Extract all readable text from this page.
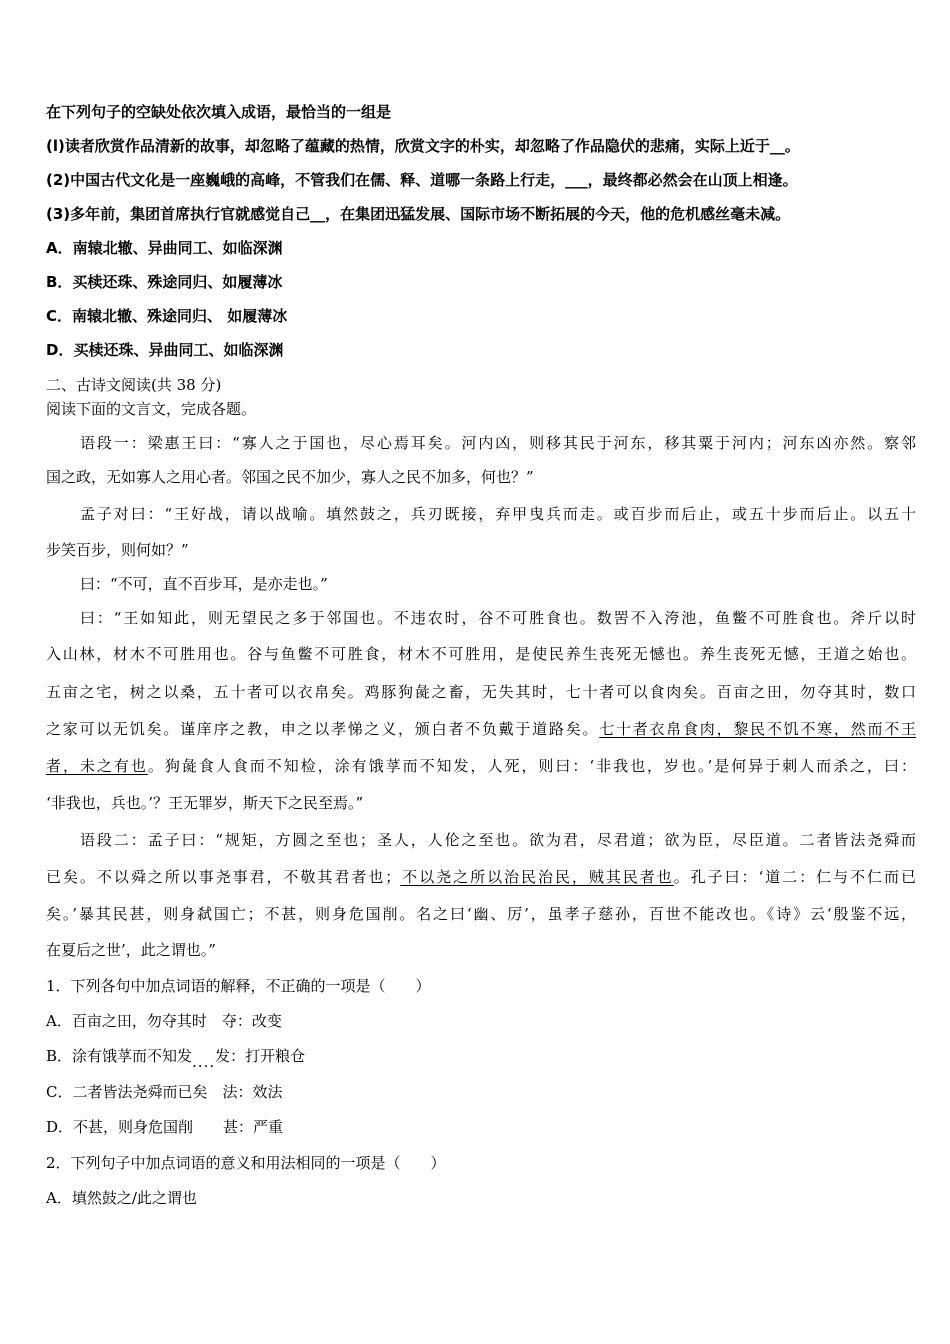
在下列句子的空缺处依次填入成语，最恰当的一组是
(l)读者欣赏作品清新的故事，却忽略了蕴藏的热情，欣赏文字的朴实，却忽略了作品隐伏的悲痛，实际上近于__。
(2)中国古代文化是一座巍峨的高峰，不管我们在儒、释、道哪一条路上行走，___，最终都必然会在山顶上相逢。
(3)多年前，集团首席执行官就感觉自己__，在集团迅猛发展、国际市场不断拓展的今天，他的危机感丝毫未减。
A．南辕北辙、异曲同工、如临深渊
B．买椟还珠、殊途同归、如履薄冰
C．南辕北辙、殊途同归、 如履薄冰
D．买椟还珠、异曲同工、如临深渊
二、古诗文阅读(共 38 分)
阅读下面的文言文，完成各题。
语段一：梁惠王曰：“寡人之于国也，尽心焉耳矣。河内凶，则移其民于河东，移其粟于河内；河东凶亦然。察邻
国之政，无如寡人之用心者。邻国之民不加少，寡人之民不加多，何也？”
孟子对曰：“王好战，请以战喻。填然鼓之，兵刃既接，弃甲曳兵而走。或百步而后止，或五十步而后止。以五十
步笑百步，则何如？”
曰：“不可，直不百步耳，是亦走也。”
曰：“王如知此，则无望民之多于邻国也。不违农时，谷不可胜食也。数罟不入洿池，鱼鳖不可胜食也。斧斤以时
入山林，材木不可胜用也。谷与鱼鳖不可胜食，材木不可胜用，是使民养生丧死无憾也。养生丧死无憾，王道之始也。
五亩之宅，树之以桑，五十者可以衣帛矣。鸡豚狗彘之畜，无失其时，七十者可以食肉矣。百亩之田，勿夺其时，数口
之家可以无饥矣。谨庠序之教，申之以孝悌之义，颁白者不负戴于道路矣。七十者衣帛食肉，黎民不饥不寒，然而不王
者，未之有也。狗彘食人食而不知检，涂有饿莩而不知发，人死，则曰：‘非我也，岁也。’是何异于刺人而杀之，曰：
‘非我也，兵也。’？王无罪岁，斯天下之民至焉。”
语段二：孟子曰：“规矩，方圆之至也；圣人，人伦之至也。欲为君，尽君道；欲为臣，尽臣道。二者皆法尧舜而
已矣。不以舜之所以事尧事君，不敬其君者也；不以尧之所以治民治民，贼其民者也。孔子曰：‘道二：仁与不仁而已
矣。’暴其民甚，则身弑国亡；不甚，则身危国削。名之曰‘幽、厉’，虽孝子慈孙，百世不能改也。《诗》云‘殷鉴不远，
在夏后之世’，此之谓也。”
1．下列各句中加点词语的解释，不正确的一项是（　　）
A．百亩之田，勿夺其时　夺：改变
B．涂有饿莩而不知发....发：打开粮仓
C．二者皆法尧舜而已矣　法：效法
D．不甚，则身危国削　　甚：严重
2．下列句子中加点词语的意义和用法相同的一项是（　　）
A．填然鼓之/此之谓也
